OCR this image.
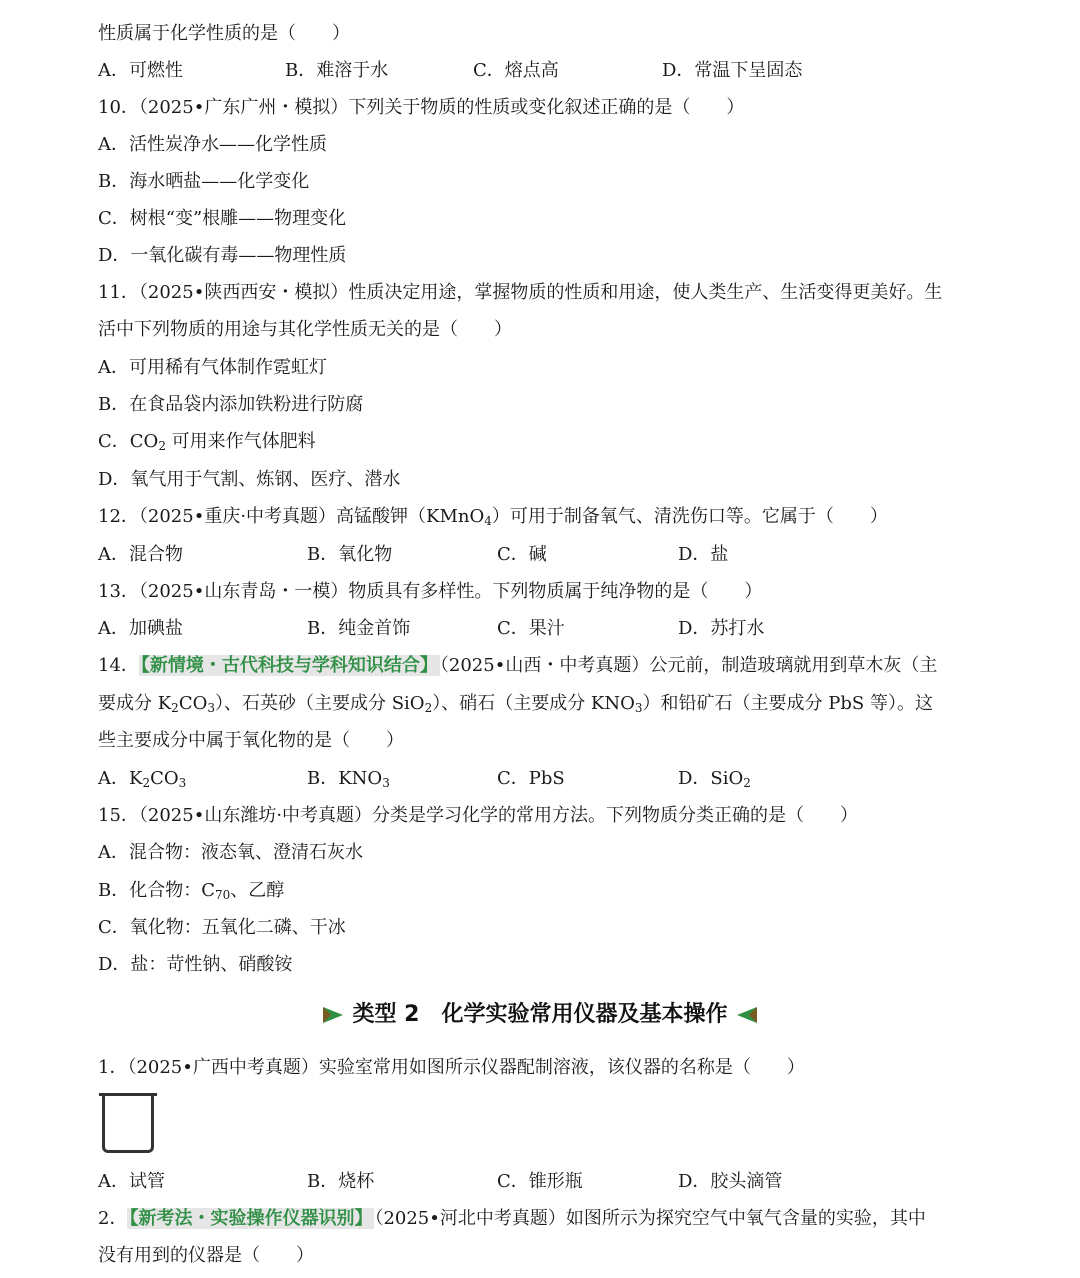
性质属于化学性质的是（　　）
A．可燃性	B．难溶于水	C．熔点高	D．常温下呈固态
10．（2025•广东广州・模拟）下列关于物质的性质或变化叙述正确的是（　　）
A．活性炭净水——化学性质
B．海水晒盐——化学变化
C．树根“变”根雕——物理变化
D．一氧化碳有毒——物理性质
11．（2025•陕西西安・模拟）性质决定用途，掌握物质的性质和用途，使人类生产、生活变得更美好。生
活中下列物质的用途与其化学性质无关的是（　　）
A．可用稀有气体制作霓虹灯
B．在食品袋内添加铁粉进行防腐
C．$CO_2$ 可用来作气体肥料
D．氧气用于气割、炼钢、医疗、潜水
12．（2025•重庆·中考真题）高锰酸钾（KMnO$_4$）可用于制备氧气、清洗伤口等。它属于（　　）
A．混合物	B．氧化物	C．碱	D．盐
13．（2025•山东青岛・一模）物质具有多样性。下列物质属于纯净物的是（　　）
A．加碘盐	B．纯金首饰	C．果汁	D．苏打水
14． 【新情境・古代科技与学科知识结合】 （2025•山西・中考真题）公元前，制造玻璃就用到草木灰（主
要成分 $K_2CO_3$）、石英砂（主要成分 SiO$_2$）、硝石（主要成分 $KNO_3$）和铅矿石（主要成分 PbS 等）。这
些主要成分中属于氧化物的是（　　）
A．$K_2CO_3$	B．$KNO_3$	C．PbS	D．SiO$_2$
15．（2025•山东潍坊·中考真题）分类是学习化学的常用方法。下列物质分类正确的是（　　）
A．混合物：液态氧、澄清石灰水
B．化合物：$C_{70}$、乙醇
C．氧化物：五氧化二磷、干冰
D．盐：苛性钠、硝酸铵
类型 2　化学实验常用仪器及基本操作
1．（2025•广西中考真题）实验室常用如图所示仪器配制溶液，该仪器的名称是（　　）
A．试管	B．烧杯	C．锥形瓶	D．胶头滴管
2． 【新考法・实验操作仪器识别】 （2025•河北中考真题）如图所示为探究空气中氧气含量的实验，其中
没有用到的仪器是（　　）
